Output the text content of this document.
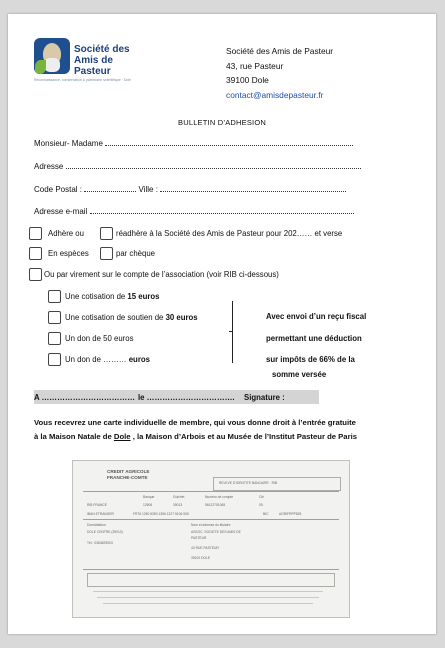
Société des
Amis de Pasteur
Reconnaissance, conservation & patrimoine scientifique · Dole
Société des Amis de Pasteur
43, rue Pasteur
39100 Dole
contact@amisdepasteur.fr
BULLETIN D’ADHESION
Monsieur- Madame
Adresse
Code Postal :	Ville :
Adresse e-mail
Adhère ou	réadhère à la Société des Amis de Pasteur pour 202…… et verse
En espèces	par chèque
Ou par virement sur le compte de l’association (voir RIB ci-dessous)
Une cotisation de 15 euros
Une cotisation de soutien de 30 euros
Un don de 50 euros
Un don de ……… euros
Avec envoi d’un reçu fiscal
permettant une déduction
sur impôts de 66% de la
somme versée
A ……………………………… le ……………………………. Signature :
Vous recevrez une carte individuelle de membre, qui vous donne droit à l’entrée gratuite
à la Maison Natale de Dole , la Maison d’Arbois et au Musée de l’Institut Pasteur de Paris
CREDIT AGRICOLE
FRANCHE-COMTE
RELEVE D'IDENTITE BANCAIRE · RIB
Banque	Guichet	Numéro de compte	Clé
RIB FRANCE	12506	39013	56122751065	05
IBAN ETRANGER	FR76 1250 6390 1356 1227 5106 505	BIC	AGRIFRPP825
Domiciliation
DOLE CENTRE (39013)
Tél : 0384829503
Nom et adresse du titulaire
ASSOC. SOCIETE DES AMIS DE
PASTEUR
43 RUE PASTEUR
39100 DOLE
